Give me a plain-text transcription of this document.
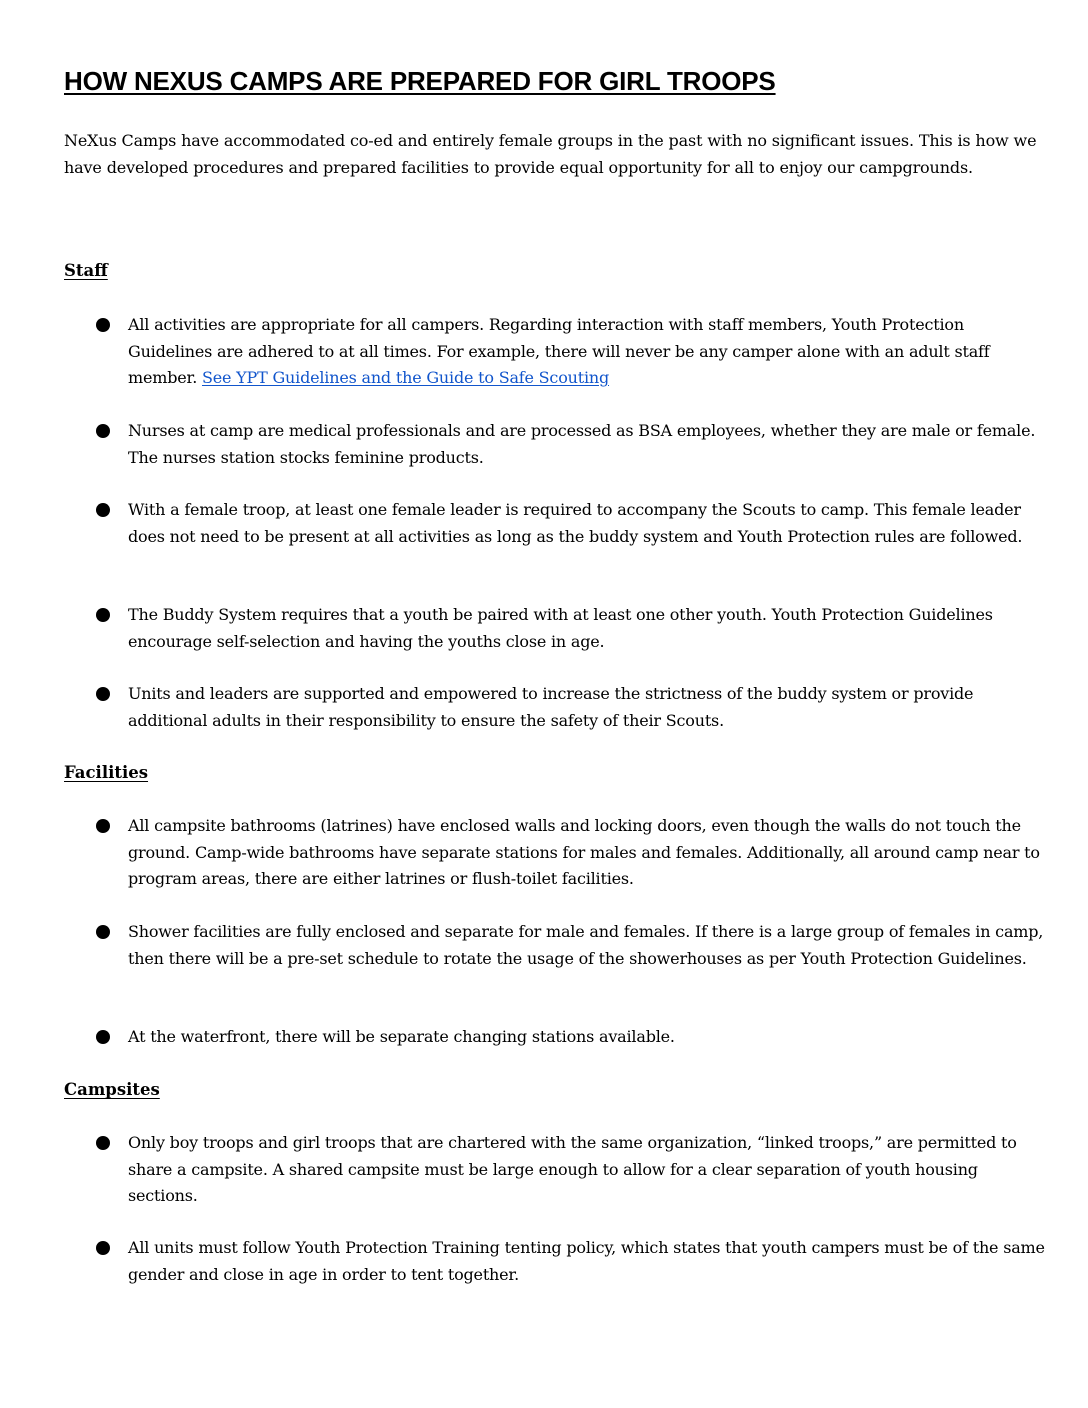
HOW NEXUS CAMPS ARE PREPARED FOR GIRL TROOPS

NeXus Camps have accommodated co-ed and entirely female groups in the past with no significant issues. This is how we have developed procedures and prepared facilities to provide equal opportunity for all to enjoy our campgrounds.

Staff
All activities are appropriate for all campers. Regarding interaction with staff members, Youth Protection Guidelines are adhered to at all times. For example, there will never be any camper alone with an adult staff member. See YPT Guidelines and the Guide to Safe Scouting
Nurses at camp are medical professionals and are processed as BSA employees, whether they are male or female. The nurses station stocks feminine products.
With a female troop, at least one female leader is required to accompany the Scouts to camp. This female leader does not need to be present at all activities as long as the buddy system and Youth Protection rules are followed.
The Buddy System requires that a youth be paired with at least one other youth. Youth Protection Guidelines encourage self-selection and having the youths close in age.
Units and leaders are supported and empowered to increase the strictness of the buddy system or provide additional adults in their responsibility to ensure the safety of their Scouts.
Facilities
All campsite bathrooms (latrines) have enclosed walls and locking doors, even though the walls do not touch the ground. Camp-wide bathrooms have separate stations for males and females. Additionally, all around camp near to program areas, there are either latrines or flush-toilet facilities.
Shower facilities are fully enclosed and separate for male and females. If there is a large group of females in camp, then there will be a pre-set schedule to rotate the usage of the showerhouses as per Youth Protection Guidelines.
At the waterfront, there will be separate changing stations available.
Campsites
Only boy troops and girl troops that are chartered with the same organization, “linked troops,” are permitted to share a campsite. A shared campsite must be large enough to allow for a clear separation of youth housing sections.
All units must follow Youth Protection Training tenting policy, which states that youth campers must be of the same gender and close in age in order to tent together.
